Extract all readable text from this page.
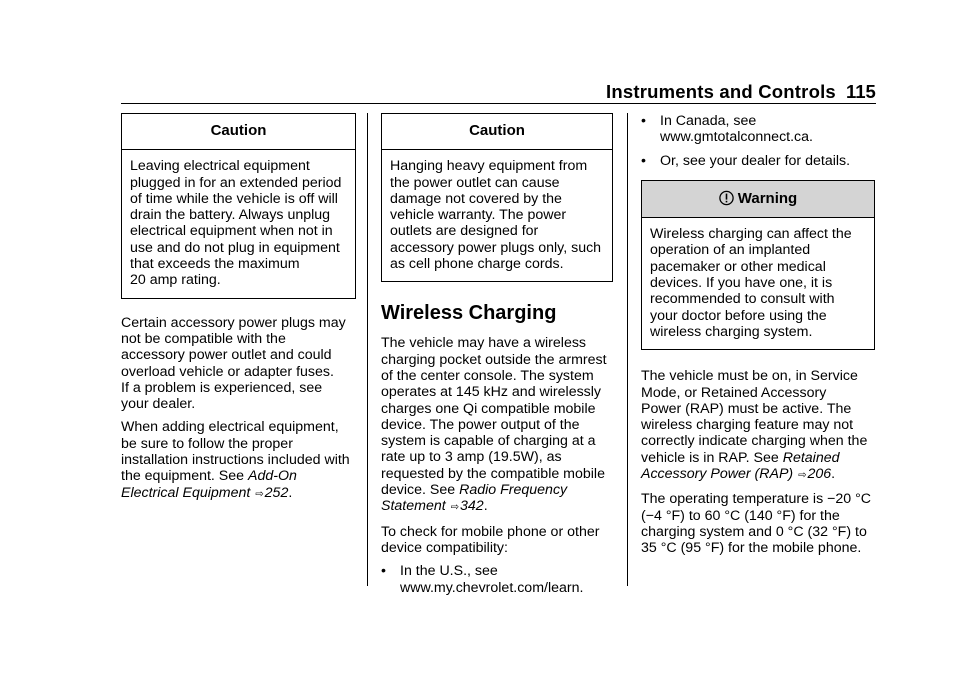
Instruments and Controls 115
Caution
Leaving electrical equipment
plugged in for an extended period
of time while the vehicle is off will
drain the battery. Always unplug
electrical equipment when not in
use and do not plug in equipment
that exceeds the maximum
20 amp rating.

Certain accessory power plugs may
not be compatible with the
accessory power outlet and could
overload vehicle or adapter fuses.
If a problem is experienced, see
your dealer.

When adding electrical equipment,
be sure to follow the proper
installation instructions included with
the equipment. See Add-On
Electrical Equipment ⇨252.

Caution
Hanging heavy equipment from
the power outlet can cause
damage not covered by the
vehicle warranty. The power
outlets are designed for
accessory power plugs only, such
as cell phone charge cords.
Wireless Charging

The vehicle may have a wireless
charging pocket outside the armrest
of the center console. The system
operates at 145 kHz and wirelessly
charges one Qi compatible mobile
device. The power output of the
system is capable of charging at a
rate up to 3 amp (19.5W), as
requested by the compatible mobile
device. See Radio Frequency
Statement ⇨342.

To check for mobile phone or other
device compatibility:

• In the U.S., see
www.my.chevrolet.com/learn.
• In Canada, see
www.gmtotalconnect.ca.
• Or, see your dealer for details.
Warning
Wireless charging can affect the
operation of an implanted
pacemaker or other medical
devices. If you have one, it is
recommended to consult with
your doctor before using the
wireless charging system.

The vehicle must be on, in Service
Mode, or Retained Accessory
Power (RAP) must be active. The
wireless charging feature may not
correctly indicate charging when the
vehicle is in RAP. See Retained
Accessory Power (RAP) ⇨206.

The operating temperature is −20 °C
(−4 °F) to 60 °C (140 °F) for the
charging system and 0 °C (32 °F) to
35 °C (95 °F) for the mobile phone.
